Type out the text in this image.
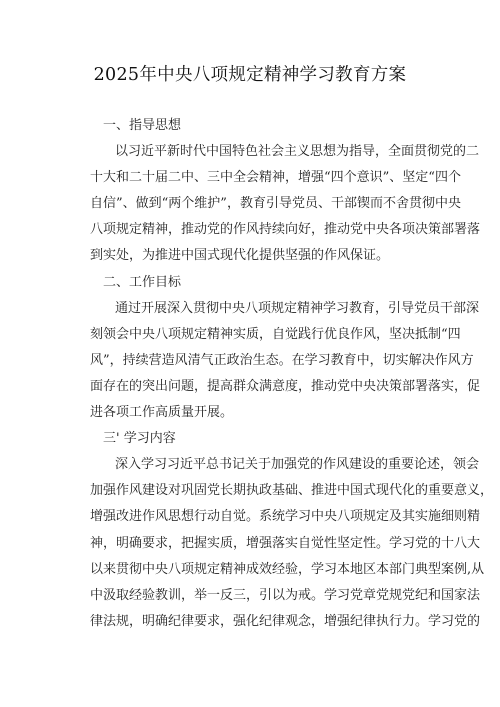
2025年中央八项规定精神学习教育方案
一、指导思想
以习近平新时代中国特色社会主义思想为指导，全面贯彻党的二
十大和二十届二中、三中全会精神，增强“四个意识”、坚定“四个
自信”、做到“两个维护”，教育引导党员、干部锲而不舍贯彻中央
八项规定精神，推动党的作风持续向好，推动党中央各项决策部署落
到实处，为推进中国式现代化提供坚强的作风保证。
二、工作目标
通过开展深入贯彻中央八项规定精神学习教育，引导党员干部深
刻领会中央八项规定精神实质，自觉践行优良作风，坚决抵制“四
风”，持续营造风清气正政治生态。在学习教育中，切实解决作风方
面存在的突出问题，提高群众满意度，推动党中央决策部署落实，促
进各项工作高质量开展。
三' 学习内容
深入学习习近平总书记关于加强党的作风建设的重要论述，领会
加强作风建设对巩固党长期执政基础、推进中国式现代化的重要意义，
增强改进作风思想行动自觉。系统学习中央八项规定及其实施细则精
神，明确要求，把握实质，增强落实自觉性坚定性。学习党的十八大
以来贯彻中央八项规定精神成效经验，学习本地区本部门典型案例,从
中汲取经验教训，举一反三，引以为戒。学习党章党规党纪和国家法
律法规，明确纪律要求，强化纪律观念，增强纪律执行力。学习党的
